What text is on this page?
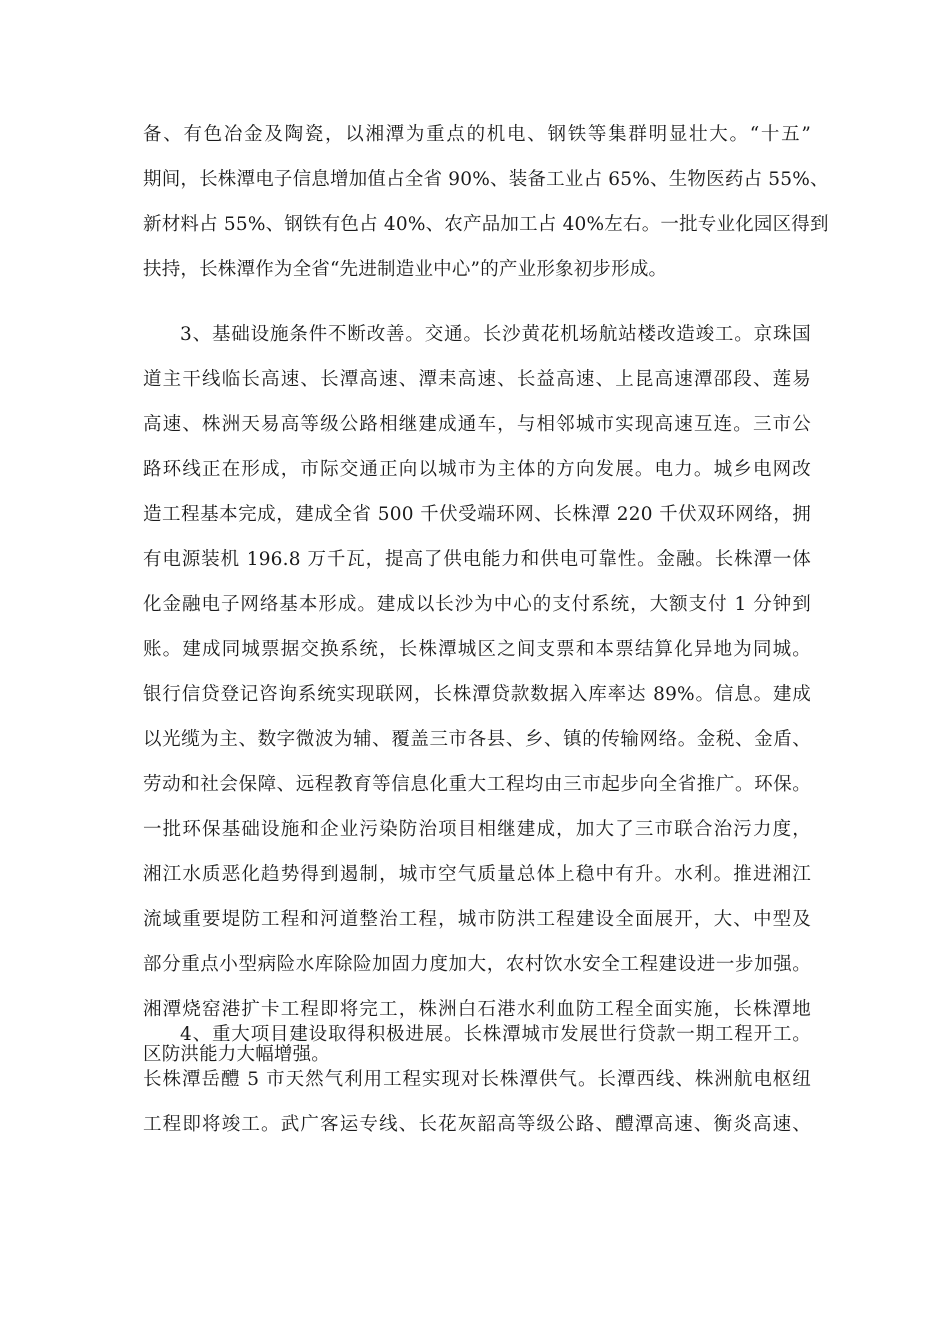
备、有色冶金及陶瓷，以湘潭为重点的机电、钢铁等集群明显壮大。“十五”
期间，长株潭电子信息增加值占全省 90%、装备工业占 65%、生物医药占 55%、
新材料占 55%、钢铁有色占 40%、农产品加工占 40%左右。一批专业化园区得到
扶持，长株潭作为全省“先进制造业中心”的产业形象初步形成。
3、基础设施条件不断改善。交通。长沙黄花机场航站楼改造竣工。京珠国
道主干线临长高速、长潭高速、潭耒高速、长益高速、上昆高速潭邵段、莲易
高速、株洲天易高等级公路相继建成通车，与相邻城市实现高速互连。三市公
路环线正在形成，市际交通正向以城市为主体的方向发展。电力。城乡电网改
造工程基本完成，建成全省 500 千伏受端环网、长株潭 220 千伏双环网络，拥
有电源装机 196.8 万千瓦，提高了供电能力和供电可靠性。金融。长株潭一体
化金融电子网络基本形成。建成以长沙为中心的支付系统，大额支付 1 分钟到
账。建成同城票据交换系统，长株潭城区之间支票和本票结算化异地为同城。
银行信贷登记咨询系统实现联网，长株潭贷款数据入库率达 89%。信息。建成
以光缆为主、数字微波为辅、覆盖三市各县、乡、镇的传输网络。金税、金盾、
劳动和社会保障、远程教育等信息化重大工程均由三市起步向全省推广。环保。
一批环保基础设施和企业污染防治项目相继建成，加大了三市联合治污力度，
湘江水质恶化趋势得到遏制，城市空气质量总体上稳中有升。水利。推进湘江
流域重要堤防工程和河道整治工程，城市防洪工程建设全面展开，大、中型及
部分重点小型病险水库除险加固力度加大，农村饮水安全工程建设进一步加强。
湘潭烧窑港扩卡工程即将完工，株洲白石港水利血防工程全面实施，长株潭地
区防洪能力大幅增强。
4、重大项目建设取得积极进展。长株潭城市发展世行贷款一期工程开工。
长株潭岳醴 5 市天然气利用工程实现对长株潭供气。长潭西线、株洲航电枢纽
工程即将竣工。武广客运专线、长花灰韶高等级公路、醴潭高速、衡炎高速、
